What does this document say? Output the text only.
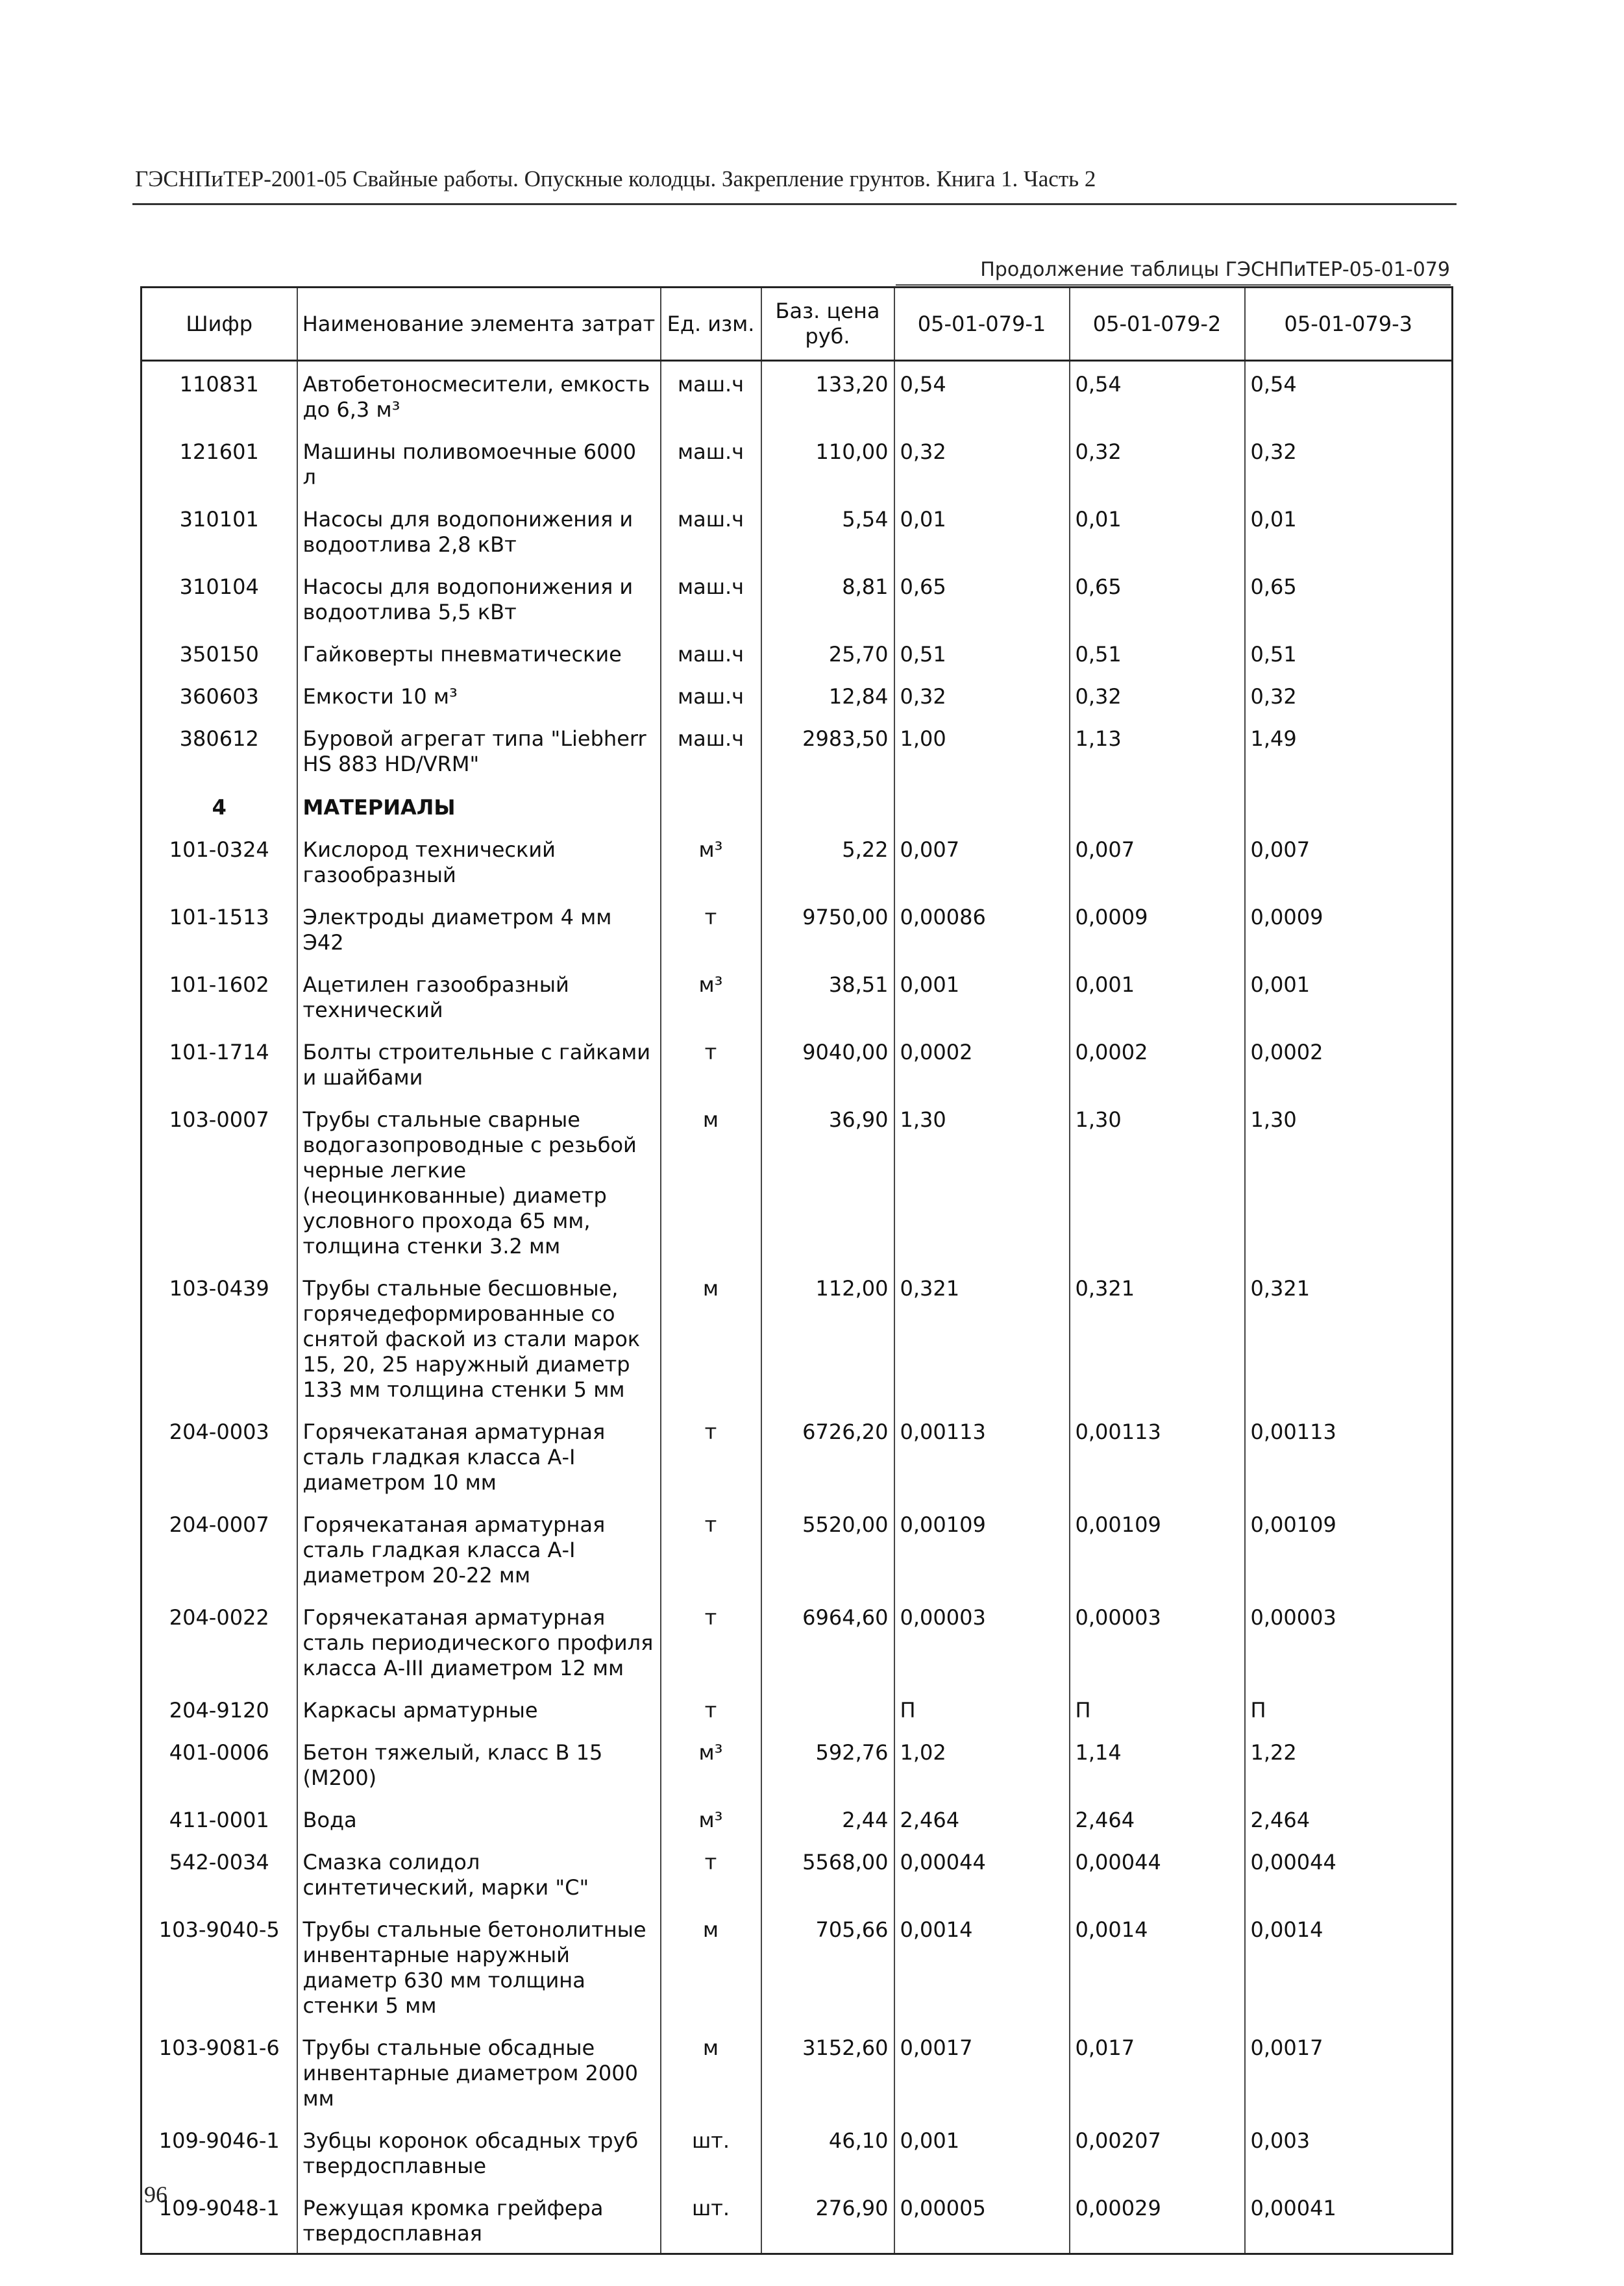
ГЭСНПиТЕР-2001-05 Свайные работы. Опускные колодцы. Закрепление грунтов. Книга 1. Часть 2
Продолжение таблицы ГЭСНПиТЕР-05-01-079
Шифр	Наименование элемента затрат	Ед. изм.	Баз. цена руб.	05-01-079-1	05-01-079-2	05-01-079-3
110831	Автобетоносмесители, емкость до 6,3 м³	маш.ч	133,20	0,54	0,54	0,54
121601	Машины поливомоечные 6000 л	маш.ч	110,00	0,32	0,32	0,32
310101	Насосы для водопонижения и водоотлива 2,8 кВт	маш.ч	5,54	0,01	0,01	0,01
310104	Насосы для водопонижения и водоотлива 5,5 кВт	маш.ч	8,81	0,65	0,65	0,65
350150	Гайковерты пневматические	маш.ч	25,70	0,51	0,51	0,51
360603	Емкости 10 м³	маш.ч	12,84	0,32	0,32	0,32
380612	Буровой агрегат типа "Liebherr HS 883 HD/VRM"	маш.ч	2983,50	1,00	1,13	1,49
4	МАТЕРИАЛЫ					
101-0324	Кислород технический газообразный	м³	5,22	0,007	0,007	0,007
101-1513	Электроды диаметром 4 мм Э42	т	9750,00	0,00086	0,0009	0,0009
101-1602	Ацетилен газообразный технический	м³	38,51	0,001	0,001	0,001
101-1714	Болты строительные с гайками и шайбами	т	9040,00	0,0002	0,0002	0,0002
103-0007	Трубы стальные сварные водогазопроводные с резьбой черные легкие (неоцинкованные) диаметр условного прохода 65 мм, толщина стенки 3.2 мм	м	36,90	1,30	1,30	1,30
103-0439	Трубы стальные бесшовные, горячедеформированные со снятой фаской из стали марок 15, 20, 25 наружный диаметр 133 мм толщина стенки 5 мм	м	112,00	0,321	0,321	0,321
204-0003	Горячекатаная арматурная сталь гладкая класса А-I диаметром 10 мм	т	6726,20	0,00113	0,00113	0,00113
204-0007	Горячекатаная арматурная сталь гладкая класса А-I диаметром 20-22 мм	т	5520,00	0,00109	0,00109	0,00109
204-0022	Горячекатаная арматурная сталь периодического профиля класса А-III диаметром 12 мм	т	6964,60	0,00003	0,00003	0,00003
204-9120	Каркасы арматурные	т		П	П	П
401-0006	Бетон тяжелый, класс В 15 (М200)	м³	592,76	1,02	1,14	1,22
411-0001	Вода	м³	2,44	2,464	2,464	2,464
542-0034	Смазка солидол синтетический, марки "С"	т	5568,00	0,00044	0,00044	0,00044
103-9040-5	Трубы стальные бетонолитные инвентарные наружный диаметр 630 мм толщина стенки 5 мм	м	705,66	0,0014	0,0014	0,0014
103-9081-6	Трубы стальные обсадные инвентарные диаметром 2000 мм	м	3152,60	0,0017	0,017	0,0017
109-9046-1	Зубцы коронок обсадных труб твердосплавные	шт.	46,10	0,001	0,00207	0,003
109-9048-1	Режущая кромка грейфера твердосплавная	шт.	276,90	0,00005	0,00029	0,00041
96
